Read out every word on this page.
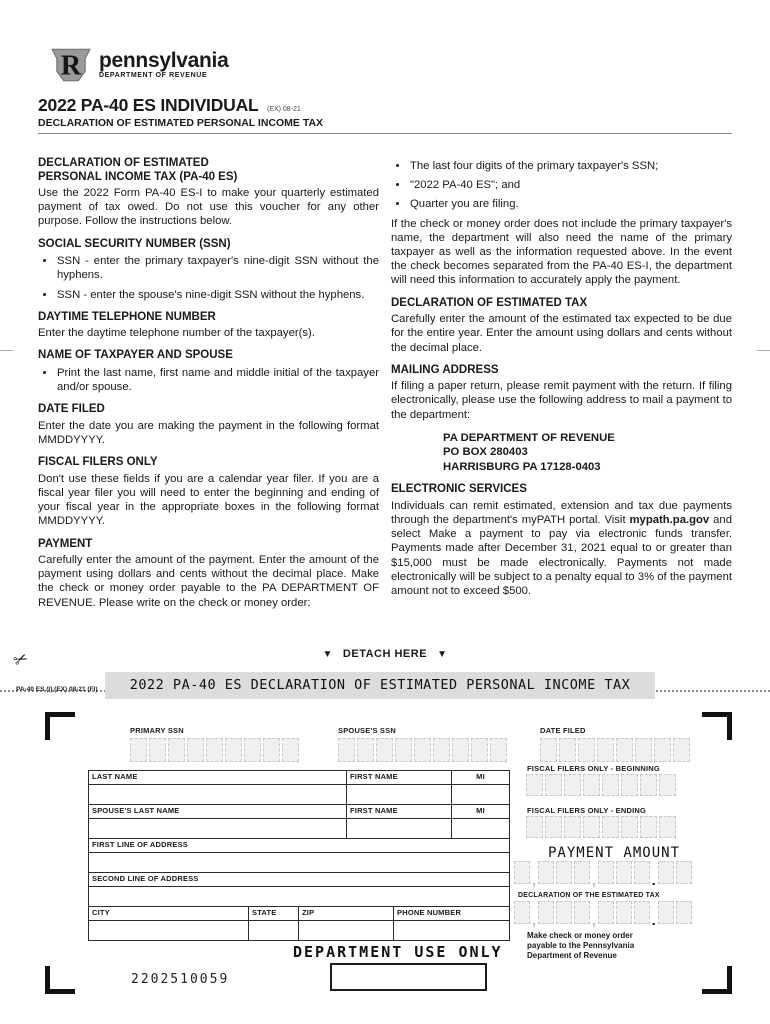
R pennsylvania
DEPARTMENT OF REVENUE
2022 PA-40 ES INDIVIDUAL (EX) 08-21
DECLARATION OF ESTIMATED PERSONAL INCOME TAX
DECLARATION OF ESTIMATED
PERSONAL INCOME TAX (PA-40 ES)

Use the 2022 Form PA-40 ES-I to make your quarterly estimated payment of tax owed. Do not use this voucher for any other purpose. Follow the instructions below.

SOCIAL SECURITY NUMBER (SSN)
• SSN - enter the primary taxpayer's nine-digit SSN without the hyphens.
• SSN - enter the spouse's nine-digit SSN without the hyphens.
DAYTIME TELEPHONE NUMBER

Enter the daytime telephone number of the taxpayer(s).

NAME OF TAXPAYER AND SPOUSE
• Print the last name, first name and middle initial of the taxpayer and/or spouse.
DATE FILED

Enter the date you are making the payment in the following format MMDDYYYY.

FISCAL FILERS ONLY

Don't use these fields if you are a calendar year filer. If you are a fiscal year filer you will need to enter the beginning and ending of your fiscal year in the appropriate boxes in the following format MMDDYYYY.

PAYMENT

Carefully enter the amount of the payment. Enter the amount of the payment using dollars and cents without the decimal place. Make the check or money order payable to the PA DEPARTMENT OF REVENUE. Please write on the check or money order:

• The last four digits of the primary taxpayer's SSN;
• "2022 PA-40 ES"; and
• Quarter you are filing.

If the check or money order does not include the primary taxpayer's name, the department will also need the name of the primary taxpayer as well as the information requested above. In the event the check becomes separated from the PA-40 ES-I, the department will need this information to accurately apply the payment.

DECLARATION OF ESTIMATED TAX

Carefully enter the amount of the estimated tax expected to be due for the entire year. Enter the amount using dollars and cents without the decimal place.

MAILING ADDRESS

If filing a paper return, please remit payment with the return. If filing electronically, please use the following address to mail a payment to the department:

PA DEPARTMENT OF REVENUE
PO BOX 280403
HARRISBURG PA 17128-0403
ELECTRONIC SERVICES

Individuals can remit estimated, extension and tax due payments through the department's myPATH portal. Visit mypath.pa.gov and select Make a payment to pay via electronic funds transfer. Payments made after December 31, 2021 equal to or greater than $15,000 must be made electronically. Payments not made electronically will be subject to a penalty equal to 3% of the payment amount not to exceed $500.

✂	▼ DETACH HERE ▼
PA-40 ES (I) (EX) 08-21 (FI)	2022 PA-40 ES DECLARATION OF ESTIMATED PERSONAL INCOME TAX
PRIMARY SSN	SPOUSE'S SSN	DATE FILED
LAST NAME	FIRST NAME	MI
SPOUSE'S LAST NAME	FIRST NAME	MI
FIRST LINE OF ADDRESS
SECOND LINE OF ADDRESS
CITY	STATE	ZIP	PHONE NUMBER
FISCAL FILERS ONLY - BEGINNING
FISCAL FILERS ONLY - ENDING
PAYMENT AMOUNT
,	,	.
DECLARATION OF THE ESTIMATED TAX
,	,	.
Make check or money order
payable to the Pennsylvania
Department of Revenue
DEPARTMENT USE ONLY
2202510059
